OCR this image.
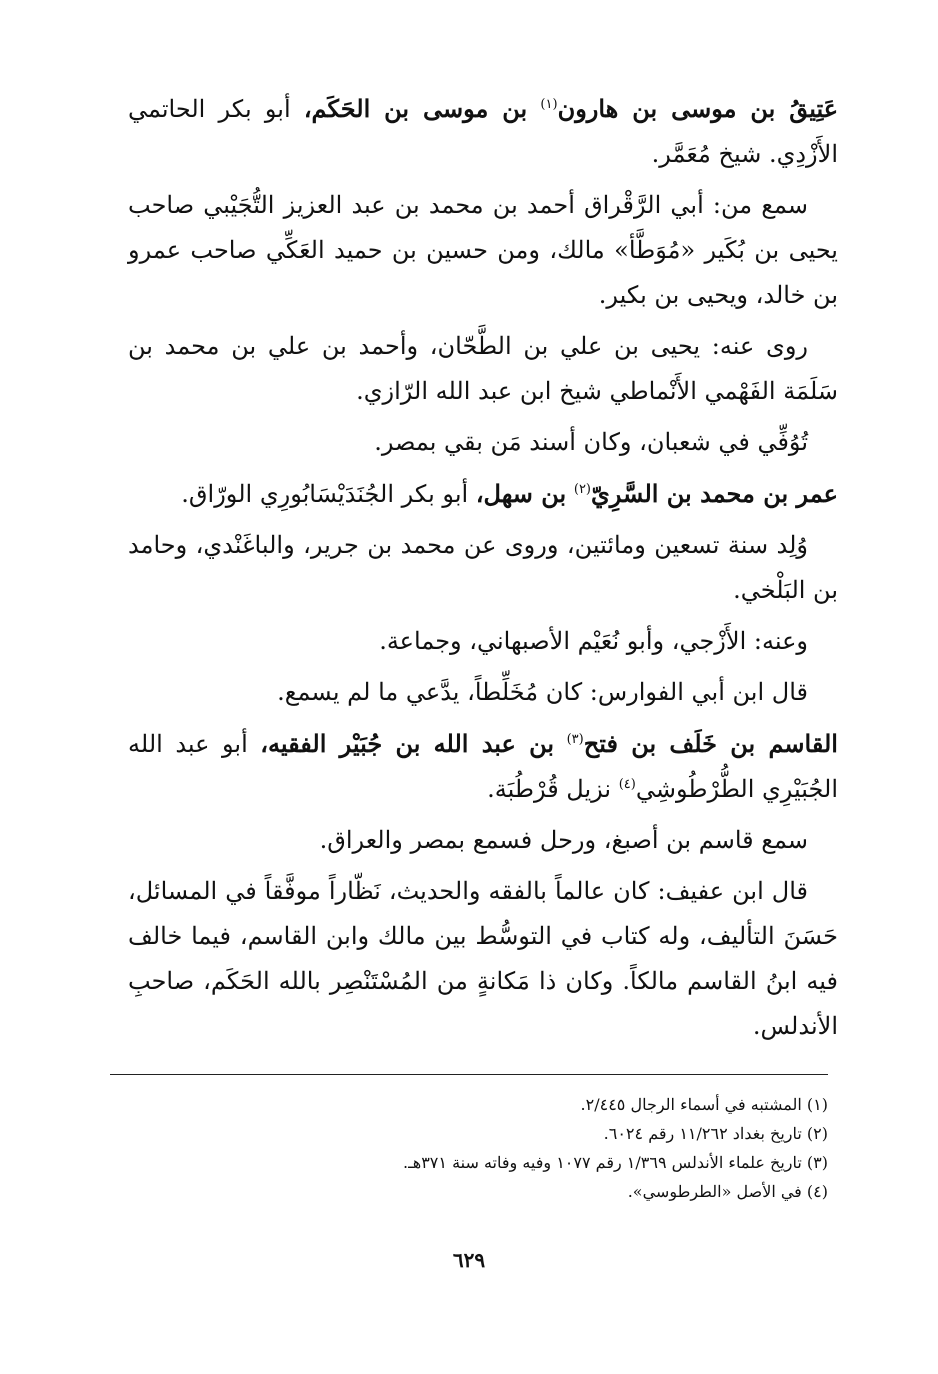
عَتِيقُ بن موسى بن هارون$^{(١)}$ بن موسى بن الحَكَم، أبو بكر الحاتمي الأَزْدِي. شيخ مُعَمَّر.

سمع من: أبي الرَّقْراق أحمد بن محمد بن عبد العزيز التُّجَيْبي صاحب يحيى بن بُكَير «مُوَطَّأ» مالك، ومن حسين بن حميد العَكِّي صاحب عمرو بن خالد، ويحيى بن بكير.

روى عنه: يحيى بن علي بن الطَّحّان، وأحمد بن علي بن محمد بن سَلَمَة الفَهْمي الأَنْماطي شيخ ابن عبد الله الرّازي.

تُوُفِّي في شعبان، وكان أسند مَن بقي بمصر.

عمر بن محمد بن السَّرِيّ$^{(٢)}$ بن سهل، أبو بكر الجُنَدَيْسَابُورِي الورّاق.

وُلِد سنة تسعين ومائتين، وروى عن محمد بن جرير، والباغَنْدي، وحامد بن البَلْخي.

وعنه: الأَزْجي، وأبو نُعَيْم الأصبهاني، وجماعة.

قال ابن أبي الفوارس: كان مُخَلِّطاً، يدَّعي ما لم يسمع.

القاسم بن خَلَف بن فتح$^{(٣)}$ بن عبد الله بن جُبَيْر الفقيه، أبو عبد الله الجُبَيْرِي الطُّرْطُوشِي$^{(٤)}$ نزيل قُرْطُبَة.

سمع قاسم بن أصبغ، ورحل فسمع بمصر والعراق.

قال ابن عفيف: كان عالماً بالفقه والحديث، نَظّاراً موفَّقاً في المسائل، حَسَنَ التأليف، وله كتاب في التوسُّط بين مالك وابن القاسم، فيما خالف فيه ابنُ القاسم مالكاً. وكان ذا مَكانةٍ من المُسْتَنْصِر بالله الحَكَم، صاحبِ الأندلس.

(١) المشتبه في أسماء الرجال ٢/٤٤٥.
(٢) تاريخ بغداد ١١/٢٦٢ رقم ٦٠٢٤.
(٣) تاريخ علماء الأندلس ١/٣٦٩ رقم ١٠٧٧ وفيه وفاته سنة ٣٧١هـ.
(٤) في الأصل «الطرطوسي».
٦٢٩
